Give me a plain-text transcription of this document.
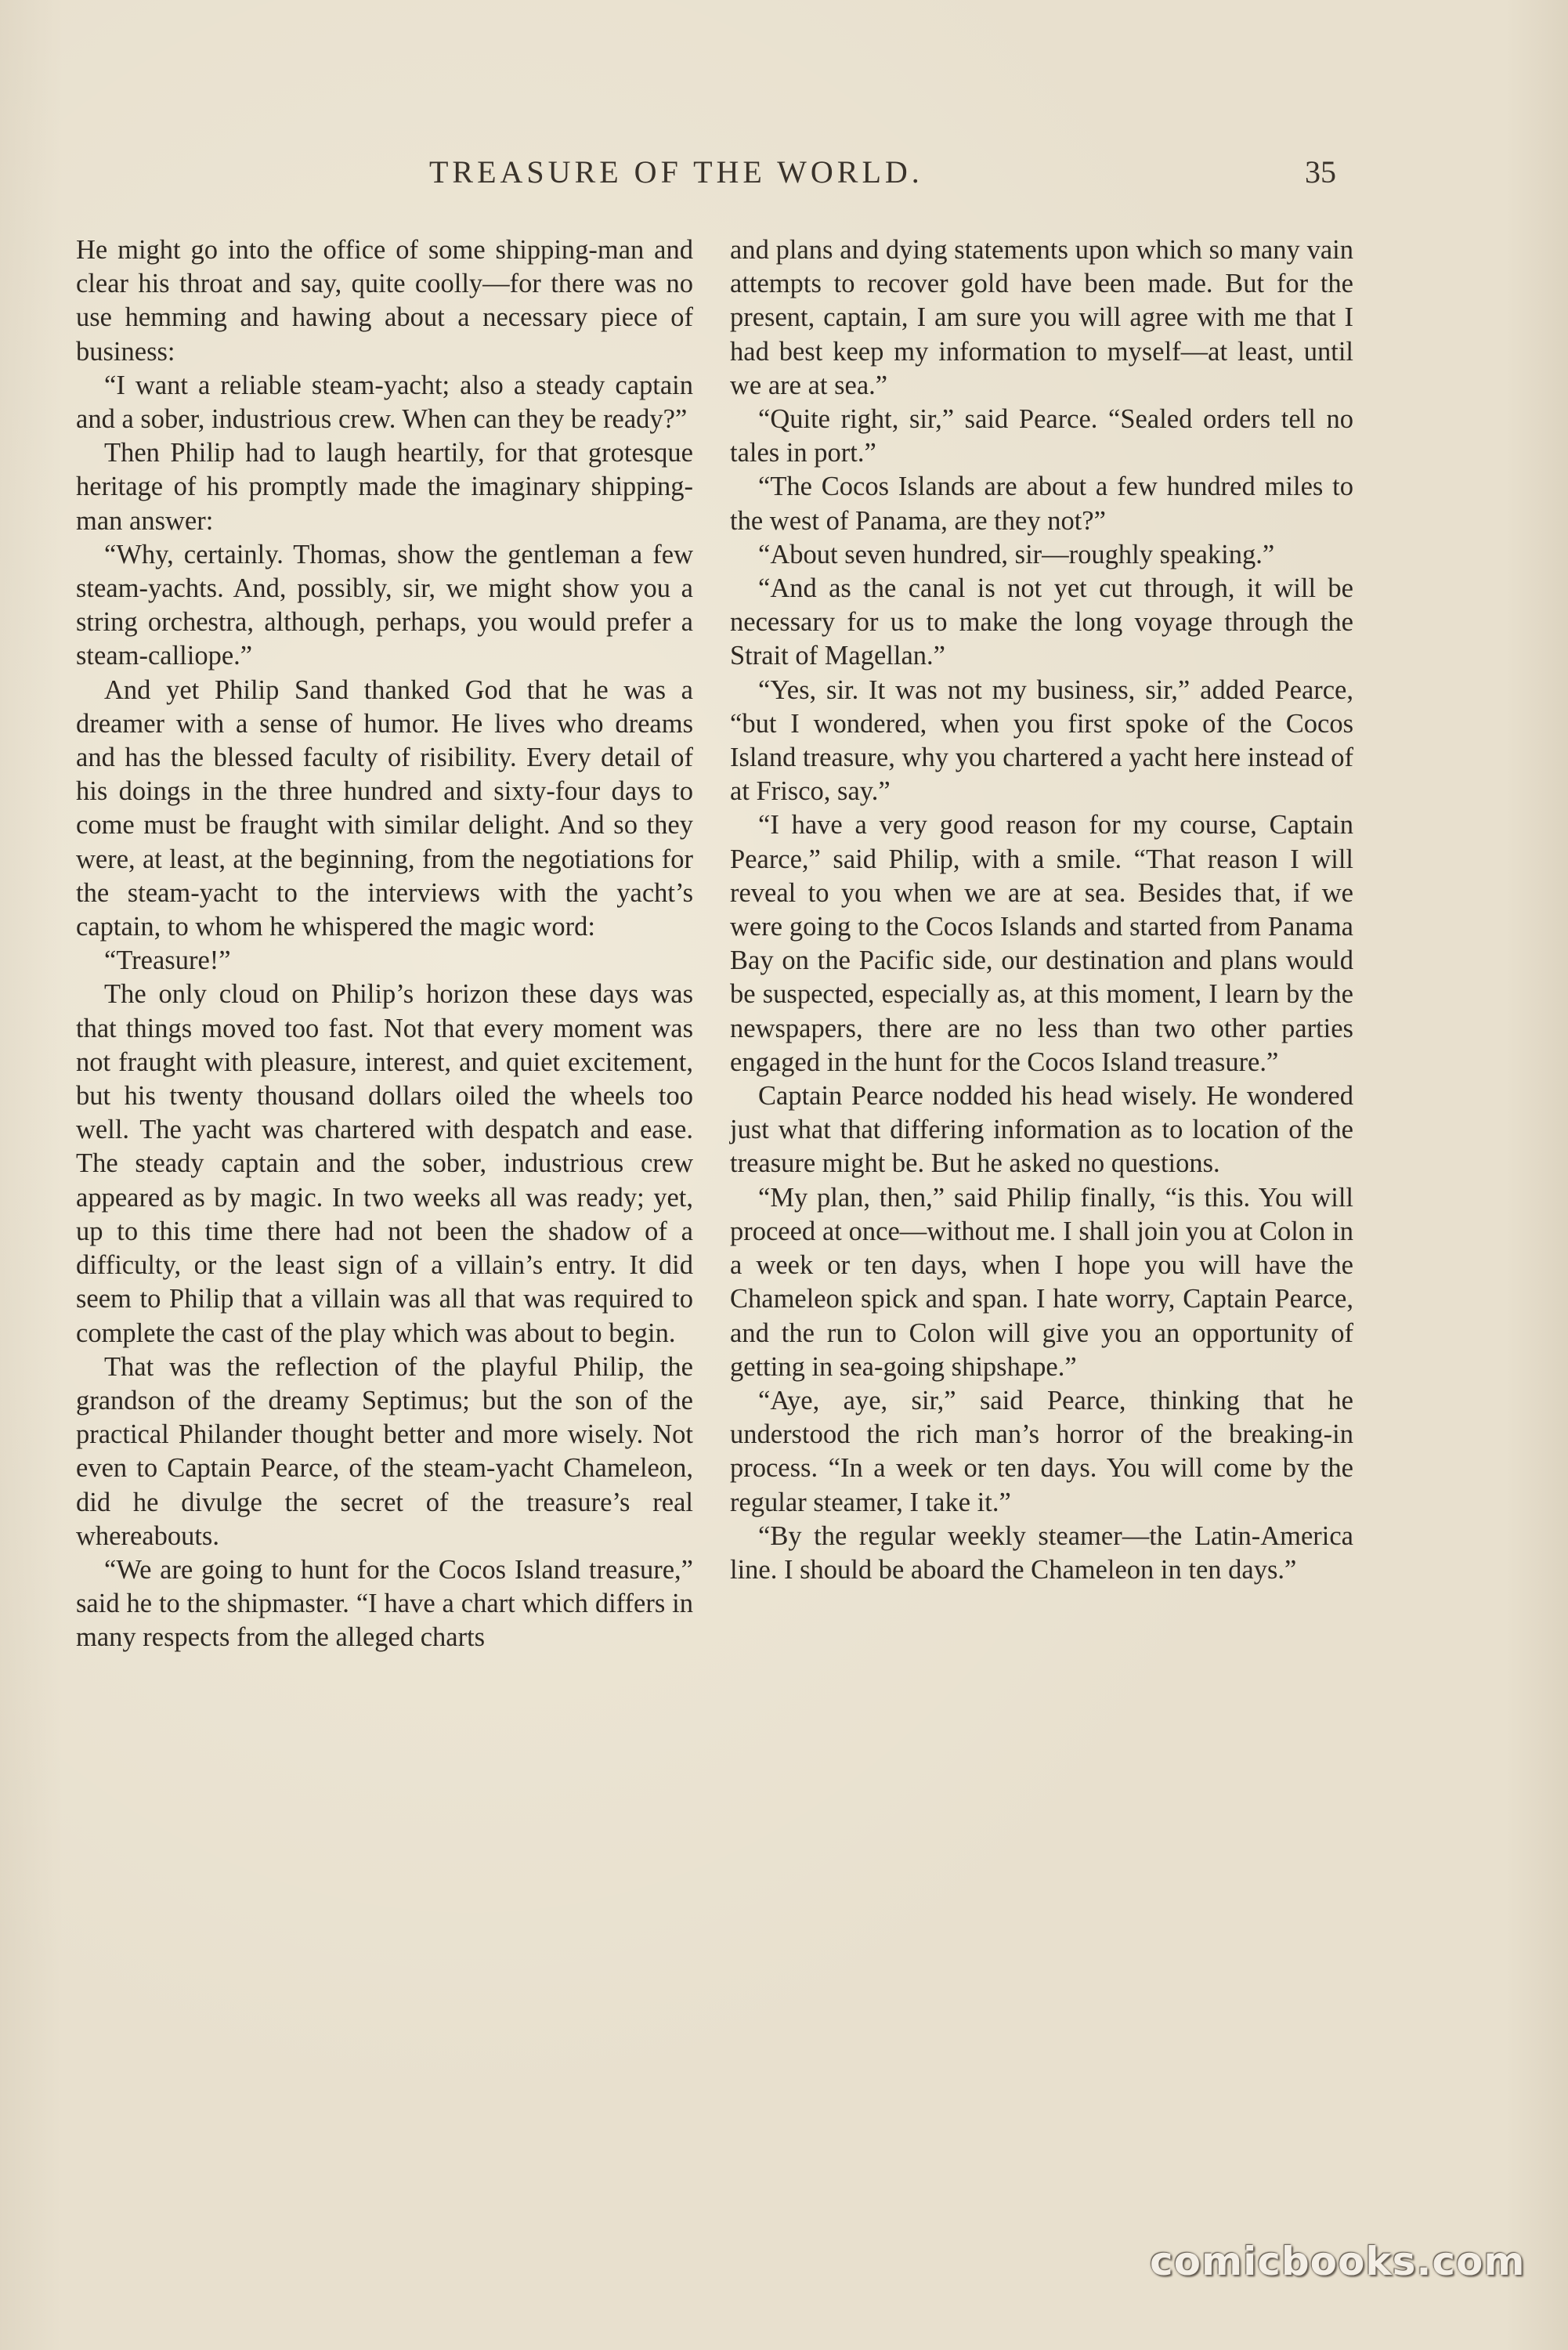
TREASURE OF THE WORLD.	35

He might go into the office of some shipping-man and clear his throat and say, quite coolly—for there was no use hemming and hawing about a necessary piece of business:

“I want a reliable steam-yacht; also a steady captain and a sober, industrious crew. When can they be ready?”

Then Philip had to laugh heartily, for that grotesque heritage of his promptly made the imaginary shipping-man answer:

“Why, certainly. Thomas, show the gentleman a few steam-yachts. And, possibly, sir, we might show you a string orchestra, although, perhaps, you would prefer a steam-calliope.”

And yet Philip Sand thanked God that he was a dreamer with a sense of humor. He lives who dreams and has the blessed faculty of risibility. Every detail of his doings in the three hundred and sixty-four days to come must be fraught with similar delight. And so they were, at least, at the beginning, from the negotiations for the steam-yacht to the interviews with the yacht’s captain, to whom he whispered the magic word:

“Treasure!”

The only cloud on Philip’s horizon these days was that things moved too fast. Not that every moment was not fraught with pleasure, interest, and quiet excitement, but his twenty thousand dollars oiled the wheels too well. The yacht was chartered with despatch and ease. The steady captain and the sober, industrious crew appeared as by magic. In two weeks all was ready; yet, up to this time there had not been the shadow of a difficulty, or the least sign of a villain’s entry. It did seem to Philip that a villain was all that was required to complete the cast of the play which was about to begin.

That was the reflection of the playful Philip, the grandson of the dreamy Septimus; but the son of the practical Philander thought better and more wisely. Not even to Captain Pearce, of the steam-yacht Chameleon, did he divulge the secret of the treasure’s real whereabouts.

“We are going to hunt for the Cocos Island treasure,” said he to the shipmaster. “I have a chart which differs in many respects from the alleged charts

and plans and dying statements upon which so many vain attempts to recover gold have been made. But for the present, captain, I am sure you will agree with me that I had best keep my information to myself—at least, until we are at sea.”

“Quite right, sir,” said Pearce. “Sealed orders tell no tales in port.”

“The Cocos Islands are about a few hundred miles to the west of Panama, are they not?”

“About seven hundred, sir—roughly speaking.”

“And as the canal is not yet cut through, it will be necessary for us to make the long voyage through the Strait of Magellan.”

“Yes, sir. It was not my business, sir,” added Pearce, “but I wondered, when you first spoke of the Cocos Island treasure, why you chartered a yacht here instead of at Frisco, say.”

“I have a very good reason for my course, Captain Pearce,” said Philip, with a smile. “That reason I will reveal to you when we are at sea. Besides that, if we were going to the Cocos Islands and started from Panama Bay on the Pacific side, our destination and plans would be suspected, especially as, at this moment, I learn by the newspapers, there are no less than two other parties engaged in the hunt for the Cocos Island treasure.”

Captain Pearce nodded his head wisely. He wondered just what that differing information as to location of the treasure might be. But he asked no questions.

“My plan, then,” said Philip finally, “is this. You will proceed at once—without me. I shall join you at Colon in a week or ten days, when I hope you will have the Chameleon spick and span. I hate worry, Captain Pearce, and the run to Colon will give you an opportunity of getting in sea-going shipshape.”

“Aye, aye, sir,” said Pearce, thinking that he understood the rich man’s horror of the breaking-in process. “In a week or ten days. You will come by the regular steamer, I take it.”

“By the regular weekly steamer—the Latin-America line. I should be aboard the Chameleon in ten days.”

comicbooks.com
